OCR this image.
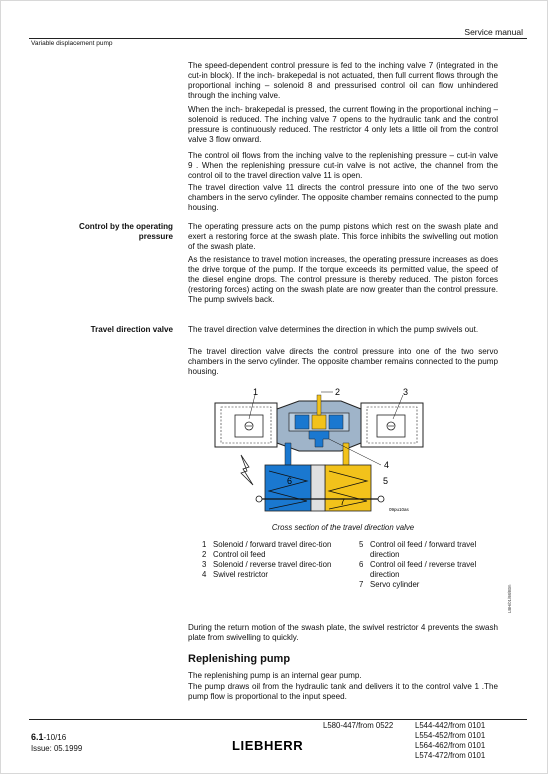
Service manual
Variable displacement pump

The speed-dependent control pressure is fed to the inching valve 7 (integrated in the cut-in block). If the inch- brakepedal is not actuated, then full current flows through the proportional inching – solenoid 8 and pressurised control oil can flow unhindered through the inching valve.

When the inch- brakepedal is pressed, the current flowing in the proportional inching – solenoid is reduced. The inching valve 7 opens to the hydraulic tank and the control pressure is continuously reduced. The restrictor 4 only lets a little oil from the control valve 3 flow onward.

The control oil flows from the inching valve to the replenishing pressure – cut-in valve 9 . When the replenishing pressure cut-in valve is not active, the channel from the control oil to the travel direction valve 11 is open.

The travel direction valve 11 directs the control pressure into one of the two servo chambers in the servo cylinder. The opposite chamber remains connected to the pump housing.

Control by the operating
pressure

The operating pressure acts on the pump pistons which rest on the swash plate and exert a restoring force at the swash plate. This force inhibits the swivelling out motion of the swash plate.

As the resistance to travel motion increases, the operating pressure increases as does the drive torque of the pump. If the torque exceeds its permitted value, the speed of the diesel engine drops. The control pressure is thereby reduced. The piston forces (restoring forces) acting on the swash plate are now greater than the control pressure. The pump swivels back.

Travel direction valve The travel direction valve determines the direction in which the pump swivels out.

The travel direction valve directs the control pressure into one of the two servo chambers in the servo cylinder. The opposite chamber remains connected to the pump housing.

1	2	3
4
5
6
7
09pu10as
Cross section of the travel direction valve
1 Solenoid / forward travel direc-tion
2 Control oil feed
3 Solenoid / reverse travel direc-tion
4 Swivel restrictor
5 Control oil feed / forward travel direction
6 Control oil feed / reverse travel direction
7 Servo cylinder

During the return motion of the swash plate, the swivel restrictor 4 prevents the swash plate from swivelling to quickly.

Replenishing pump

The replenishing pump is an internal gear pump.

The pump draws oil from the hydraulic tank and delivers it to the control valve 1 .The pump flow is proportional to the input speed.

LBH/01/98/Btm
6.1-10/16
Issue: 05.1999	LIEBHERR
L580-447/from 0522	L544-442/from 0101
L554-452/from 0101
L564-462/from 0101
L574-472/from 0101
